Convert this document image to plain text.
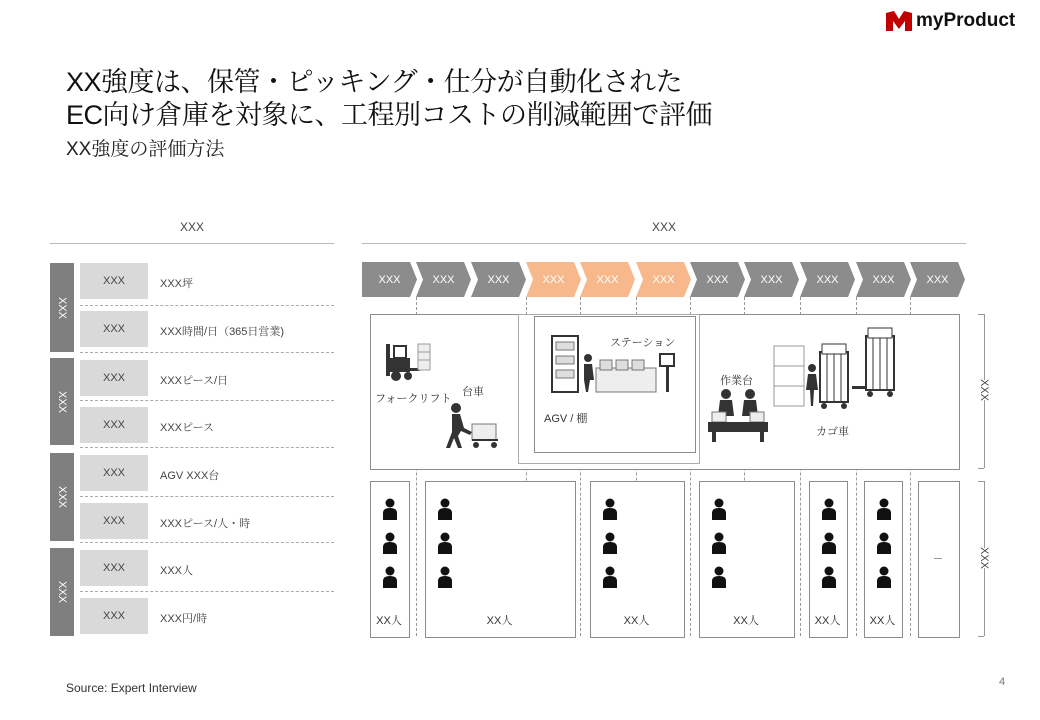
myProduct
XX強度は、保管・ピッキング・仕分が自動化された
EC向け倉庫を対象に、工程別コストの削減範囲で評価
XX強度の評価方法
XXX
XXX
XXX
XXX
XXX
XXX	XXX坪
XXX	XXX時間/日（365日営業)
XXX	XXXピース/日
XXX	XXXピース
XXX	AGV XXX台
XXX	XXXピース/人・時
XXX	XXX人
XXX	XXX円/時
XXX
XXX	XXX	XXX	XXX	XXX	XXX	XXX	XXX	XXX	XXX	XXX
フォークリフト
台車
ステーション
AGV / 棚
作業台
カゴ車
XXX
XX人	XX人	XX人	XX人	XX人	XX人
－	XXX
Source: Expert Interview	4
